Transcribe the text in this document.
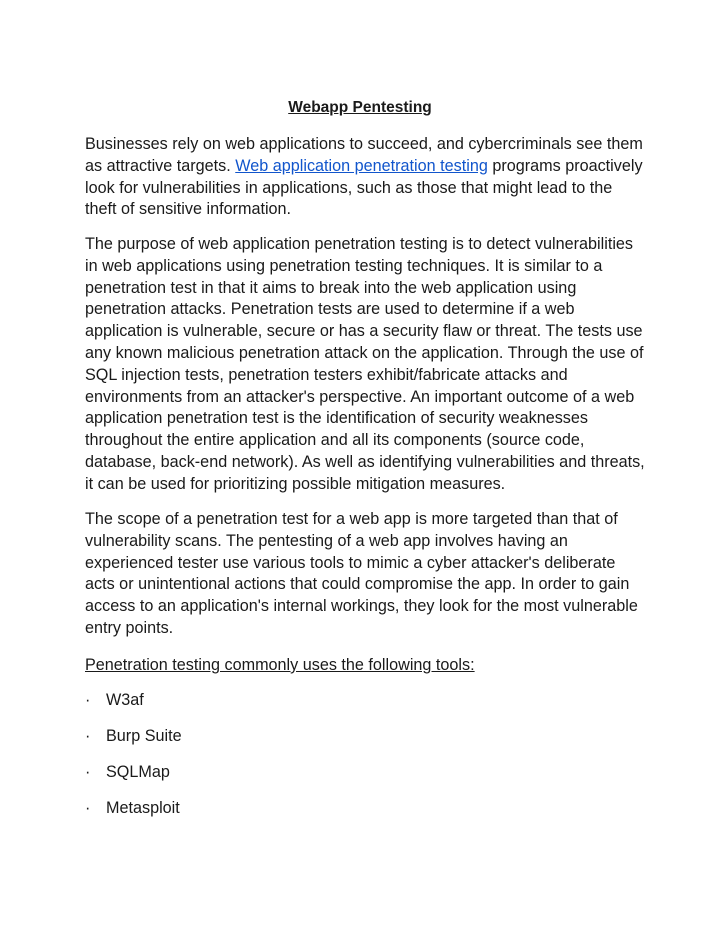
Webapp Pentesting

Businesses rely on web applications to succeed, and cybercriminals see them as attractive targets. Web application penetration testing programs proactively look for vulnerabilities in applications, such as those that might lead to the theft of sensitive information.

The purpose of web application penetration testing is to detect vulnerabilities in web applications using penetration testing techniques. It is similar to a penetration test in that it aims to break into the web application using penetration attacks. Penetration tests are used to determine if a web application is vulnerable, secure or has a security flaw or threat. The tests use any known malicious penetration attack on the application. Through the use of SQL injection tests, penetration testers exhibit/fabricate attacks and environments from an attacker's perspective. An important outcome of a web application penetration test is the identification of security weaknesses throughout the entire application and all its components (source code, database, back-end network). As well as identifying vulnerabilities and threats, it can be used for prioritizing possible mitigation measures.

The scope of a penetration test for a web app is more targeted than that of vulnerability scans. The pentesting of a web app involves having an experienced tester use various tools to mimic a cyber attacker's deliberate acts or unintentional actions that could compromise the app. In order to gain access to an application's internal workings, they look for the most vulnerable entry points.

Penetration testing commonly uses the following tools:
· W3af
· Burp Suite
· SQLMap
· Metasploit
